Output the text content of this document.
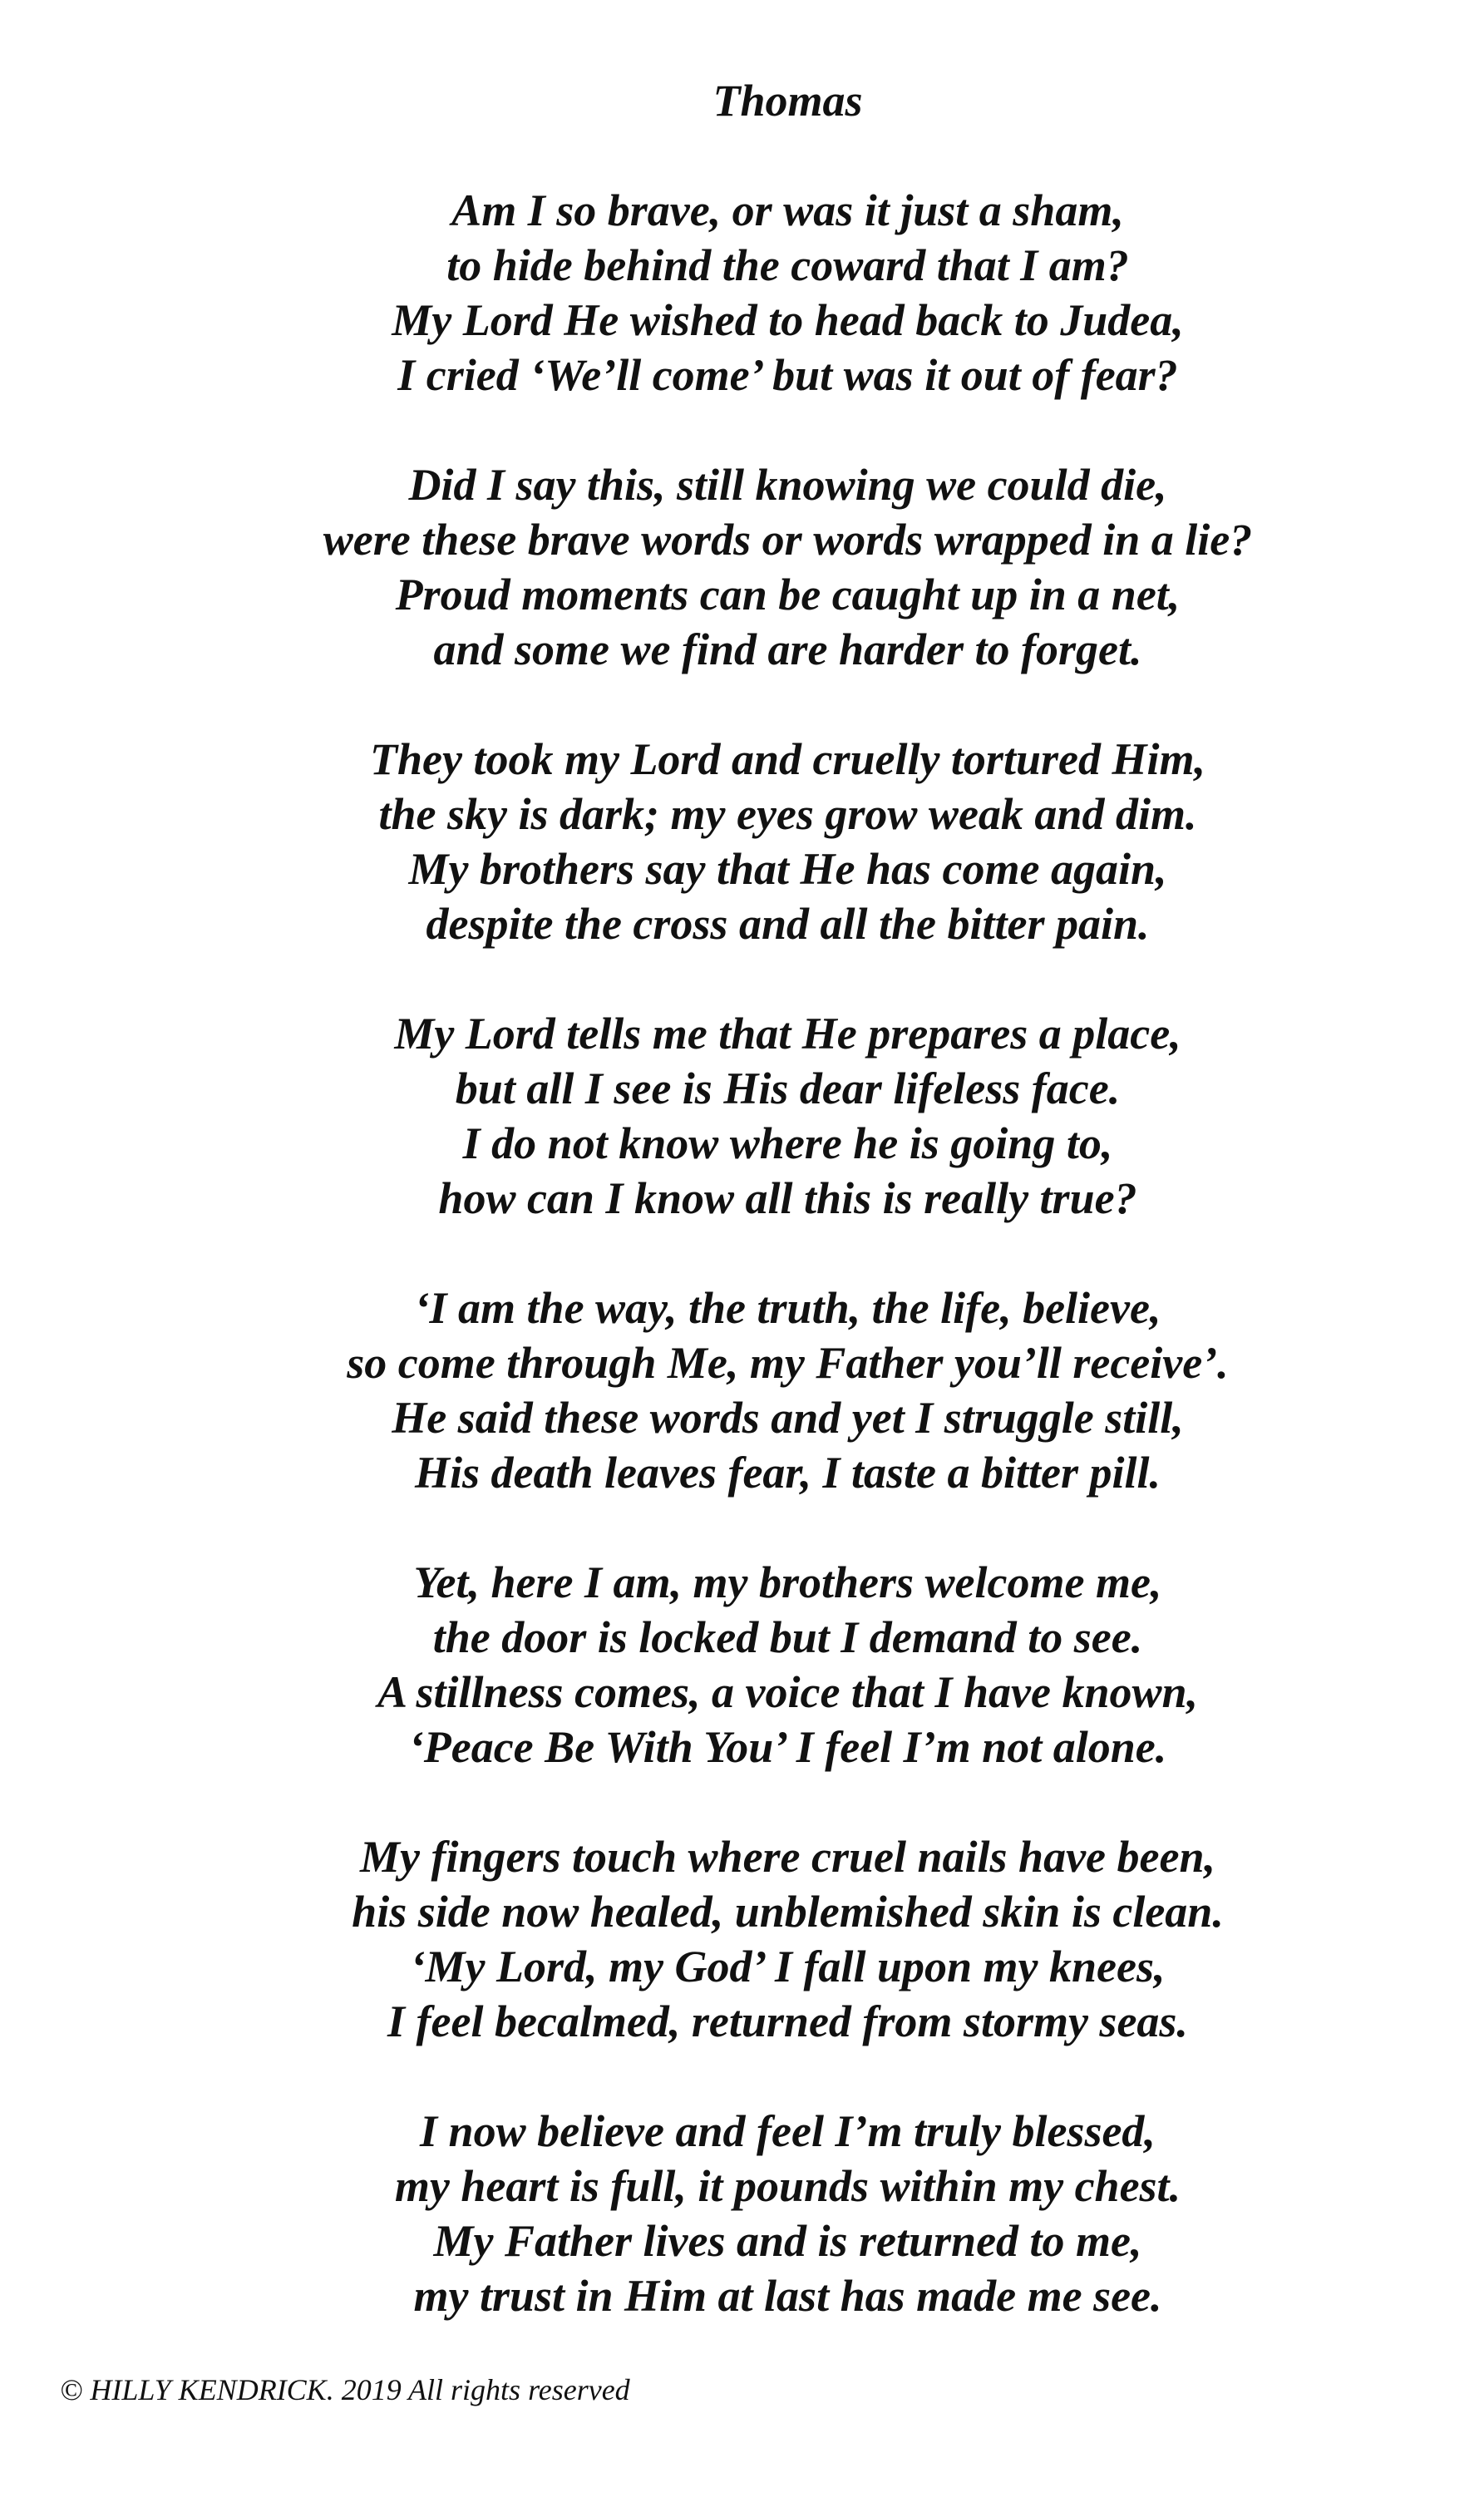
Thomas
Am I so brave, or was it just a sham,
to hide behind the coward that I am?
My Lord He wished to head back to Judea,
I cried ‘We’ll come’ but was it out of fear?
Did I say this, still knowing we could die,
were these brave words or words wrapped in a lie?
Proud moments can be caught up in a net,
and some we find are harder to forget.
They took my Lord and cruelly tortured Him,
the sky is dark; my eyes grow weak and dim.
My brothers say that He has come again,
despite the cross and all the bitter pain.
My Lord tells me that He prepares a place,
but all I see is His dear lifeless face.
I do not know where he is going to,
how can I know all this is really true?
‘I am the way, the truth, the life, believe,
so come through Me, my Father you’ll receive’.
He said these words and yet I struggle still,
His death leaves fear, I taste a bitter pill.
Yet, here I am, my brothers welcome me,
the door is locked but I demand to see.
A stillness comes, a voice that I have known,
‘Peace Be With You’ I feel I’m not alone.
My fingers touch where cruel nails have been,
his side now healed, unblemished skin is clean.
‘My Lord, my God’ I fall upon my knees,
I feel becalmed, returned from stormy seas.
I now believe and feel I’m truly blessed,
my heart is full, it pounds within my chest.
My Father lives and is returned to me,
my trust in Him at last has made me see.
© HILLY KENDRICK. 2019 All rights reserved
